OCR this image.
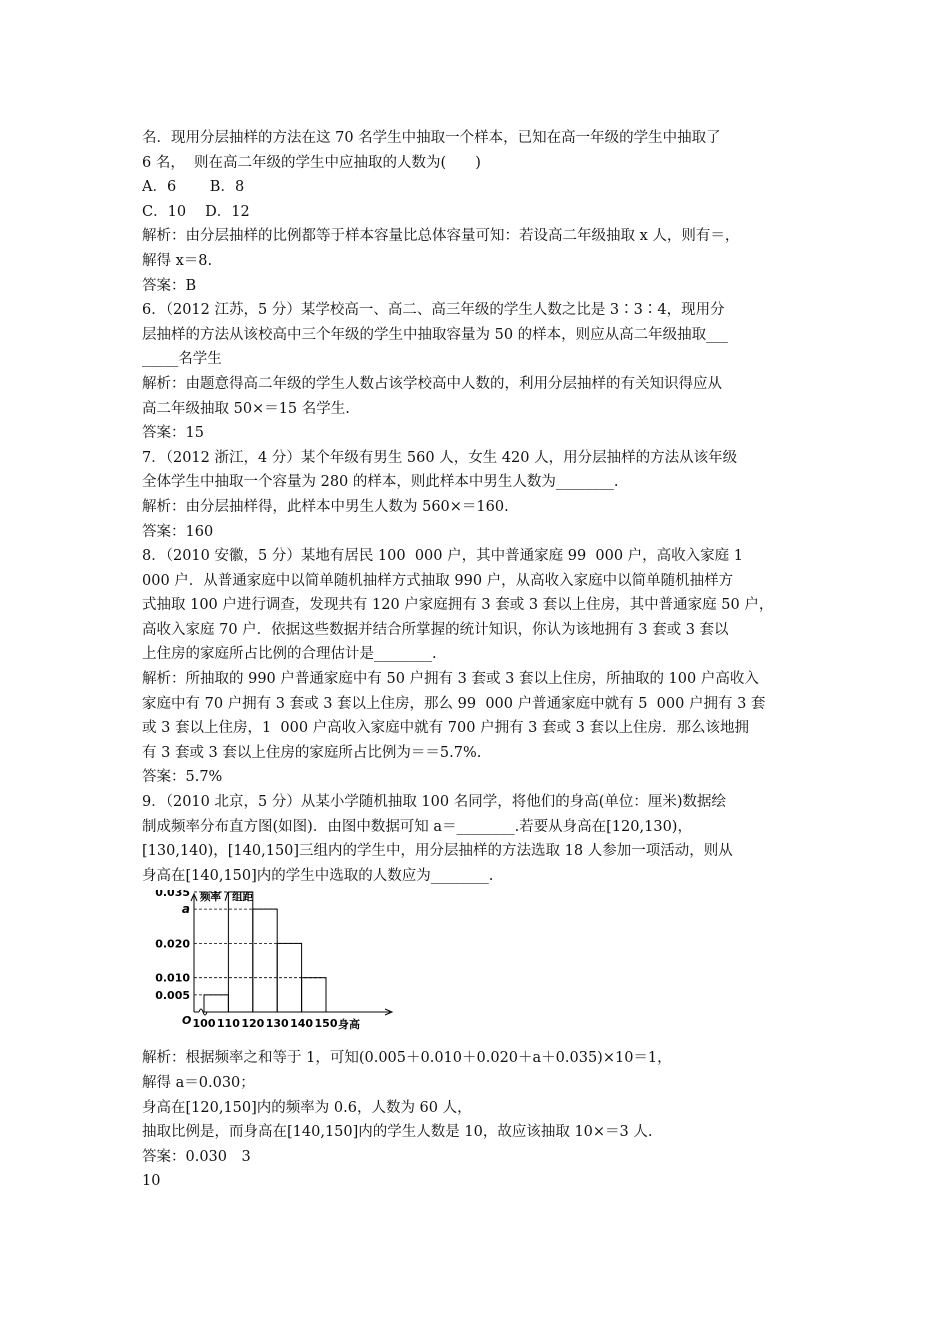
名．现用分层抽样的方法在这 70 名学生中抽取一个样本，已知在高一年级的学生中抽取了
6 名，  则在高二年级的学生中应抽取的人数为(　　)
A．6　　 B．8
C．10　 D．12
解析：由分层抽样的比例都等于样本容量比总体容量可知：若设高二年级抽取 x 人，则有＝，
解得 x＝8.
答案：B
6．（2012 江苏，5 分）某学校高一、高二、高三年级的学生人数之比是 3∶3∶4，现用分
层抽样的方法从该校高中三个年级的学生中抽取容量为 50 的样本，则应从高二年级抽取___
_____名学生
解析：由题意得高二年级的学生人数占该学校高中人数的，利用分层抽样的有关知识得应从
高二年级抽取 50×＝15 名学生.
答案：15
7．（2012 浙江，4 分）某个年级有男生 560 人，女生 420 人，用分层抽样的方法从该年级
全体学生中抽取一个容量为 280 的样本，则此样本中男生人数为________.
解析：由分层抽样得，此样本中男生人数为 560×＝160.
答案：160
8．（2010 安徽，5 分）某地有居民 100  000 户，其中普通家庭 99  000 户，高收入家庭 1
000 户．从普通家庭中以简单随机抽样方式抽取 990 户，从高收入家庭中以简单随机抽样方
式抽取 100 户进行调查，发现共有 120 户家庭拥有 3 套或 3 套以上住房，其中普通家庭 50 户，
高收入家庭 70 户．依据这些数据并结合所掌握的统计知识，你认为该地拥有 3 套或 3 套以
上住房的家庭所占比例的合理估计是________.
解析：所抽取的 990 户普通家庭中有 50 户拥有 3 套或 3 套以上住房，所抽取的 100 户高收入
家庭中有 70 户拥有 3 套或 3 套以上住房，那么 99  000 户普通家庭中就有 5  000 户拥有 3 套
或 3 套以上住房，1  000 户高收入家庭中就有 700 户拥有 3 套或 3 套以上住房．那么该地拥
有 3 套或 3 套以上住房的家庭所占比例为＝＝5.7%.
答案：5.7%
9．（2010 北京，5 分）从某小学随机抽取 100 名同学，将他们的身高(单位：厘米)数据绘
制成频率分布直方图(如图)．由图中数据可知 a＝________.若要从身高在[120,130)，
[130,140)，[140,150]三组内的学生中，用分层抽样的方法选取 18 人参加一项活动，则从
身高在[140,150]内的学生中选取的人数应为________.
频率 / 组距
O
0.035
a
0.020
0.010
0.005
100 110 120 130 140 150 身高
解析：根据频率之和等于 1，可知(0.005＋0.010＋0.020＋a＋0.035)×10＝1，
解得 a＝0.030；
身高在[120,150]内的频率为 0.6，人数为 60 人，
抽取比例是，而身高在[140,150]内的学生人数是 10，故应该抽取 10×＝3 人.
答案：0.030　3
10
